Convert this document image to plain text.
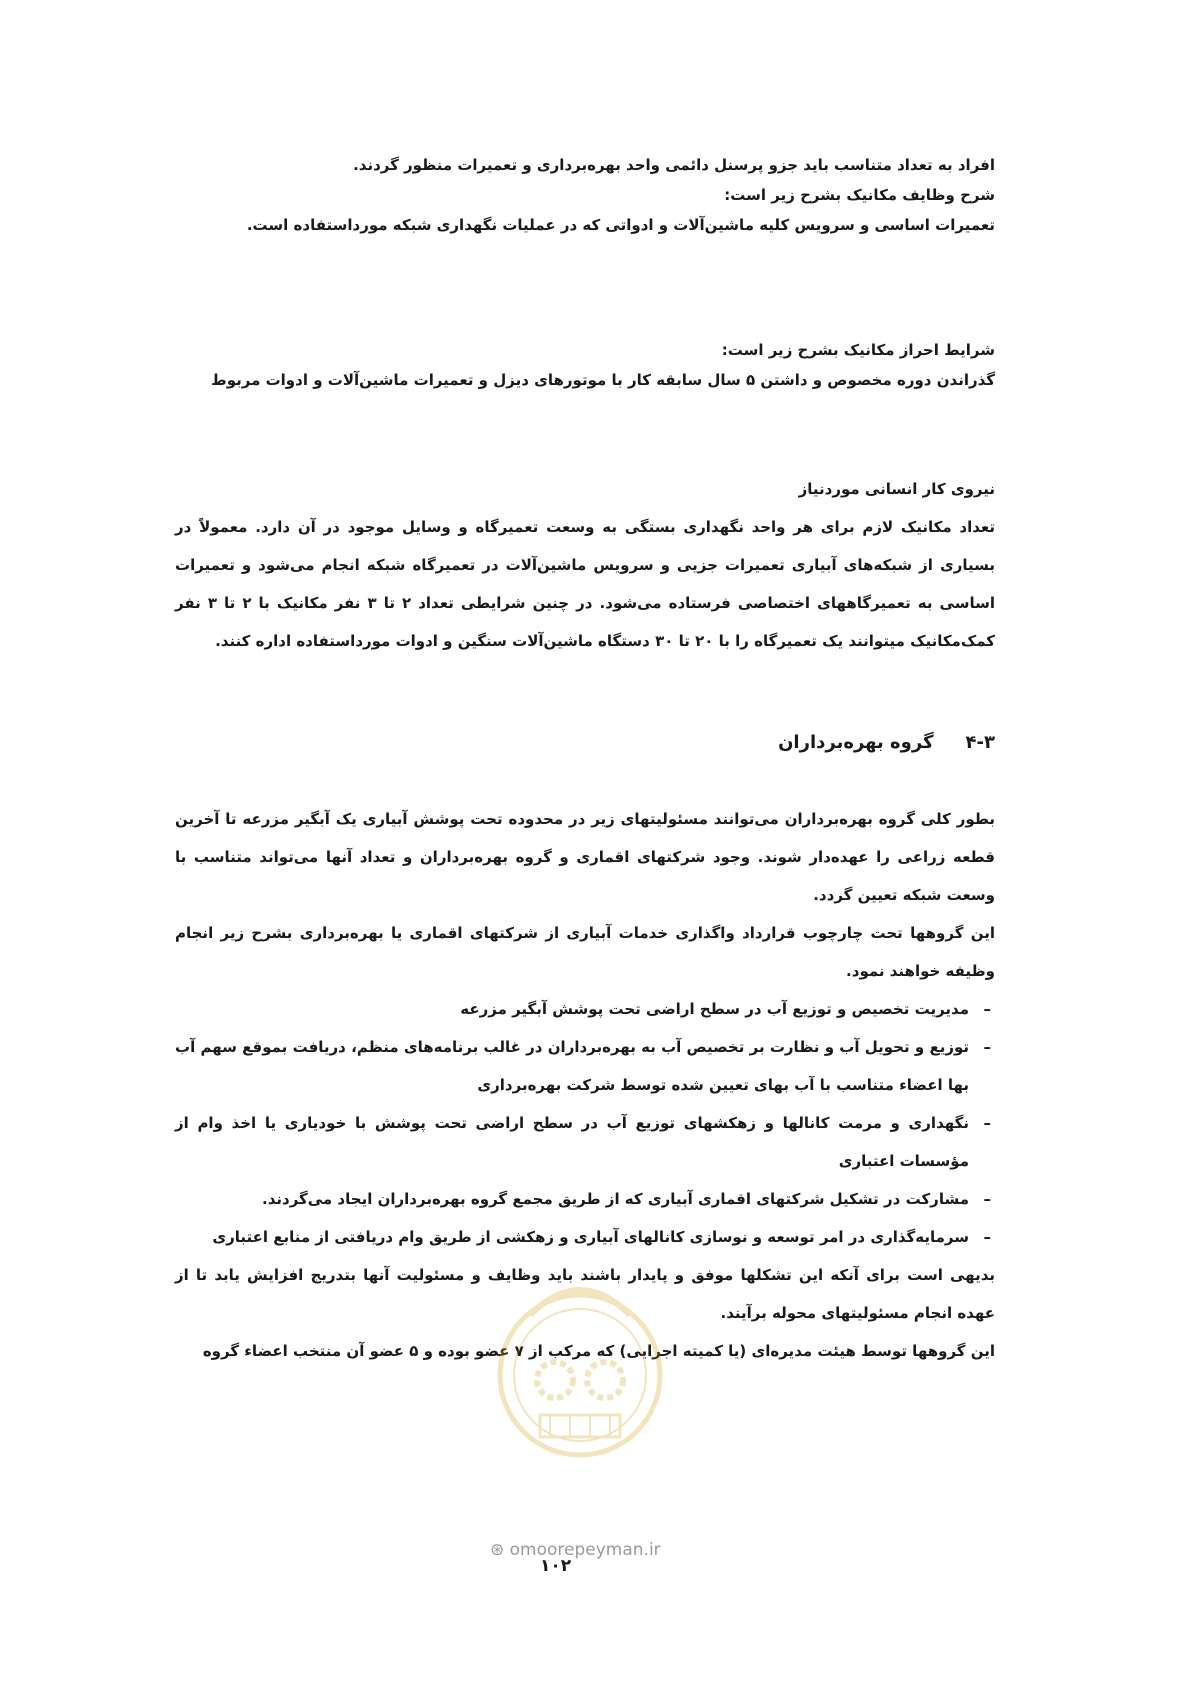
افراد به تعداد متناسب باید جزو پرسنل دائمی واحد بهره‌برداری و تعمیرات منظور گردند.

شرح وظایف مکانیک بشرح زیر است:

تعمیرات اساسی و سرویس کلیه ماشین‌آلات و ادواتی که در عملیات نگهداری شبکه مورداستفاده است.

شرایط احراز مکانیک بشرح زیر است:

گذراندن دوره مخصوص و داشتن ۵ سال سابقه کار با موتورهای دیزل و تعمیرات ماشین‌آلات و ادوات مربوط

نیروی کار انسانی موردنیاز

تعداد مکانیک لازم برای هر واحد نگهداری بستگی به وسعت تعمیرگاه و وسایل موجود در آن دارد. معمولاً در بسیاری از شبکه‌های آبیاری تعمیرات جزیی و سرویس ماشین‌آلات در تعمیرگاه شبکه انجام می‌شود و تعمیرات اساسی به تعمیرگاههای اختصاصی فرستاده می‌شود. در چنین شرایطی تعداد ۲ تا ۳ نفر مکانیک با ۲ تا ۳ نفر کمک‌مکانیک میتوانند یک تعمیرگاه را با ۲۰ تا ۳۰ دستگاه ماشین‌آلات سنگین و ادوات مورداستفاده اداره کنند.

۴-۳
گروه بهره‌برداران

بطور کلی گروه بهره‌برداران می‌توانند مسئولیتهای زیر در محدوده تحت پوشش آبیاری یک آبگیر مزرعه تا آخرین قطعه زراعی را عهده‌دار شوند. وجود شرکتهای اقماری و گروه بهره‌برداران و تعداد آنها می‌تواند متناسب با وسعت شبکه تعیین گردد.

این گروهها تحت چارچوب قرارداد واگذاری خدمات آبیاری از شرکتهای اقماری یا بهره‌برداری بشرح زیر انجام وظیفه خواهند نمود.

–
مدیریت تخصیص و توزیع آب در سطح اراضی تحت پوشش آبگیر مزرعه
–
توزیع و تحویل آب و نظارت بر تخصیص آب به بهره‌برداران در غالب برنامه‌های منظم، دریافت بموقع سهم آب بها اعضاء متناسب با آب بهای تعیین شده توسط شرکت بهره‌برداری
–
نگهداری و مرمت کانالها و زهکشهای توزیع آب در سطح اراضی تحت پوشش با خودیاری یا اخذ وام از مؤسسات اعتباری
–
مشارکت در تشکیل شرکتهای اقماری آبیاری که از طریق مجمع گروه بهره‌برداران ایجاد می‌گردند.
–
سرمایه‌گذاری در امر توسعه و نوسازی کانالهای آبیاری و زهکشی از طریق وام دریافتی از منابع اعتباری

بدیهی است برای آنکه این تشکلها موفق و پایدار باشند باید وظایف و مسئولیت آنها بتدریج افزایش یابد تا از عهده انجام مسئولیتهای محوله برآیند.

این گروهها توسط هیئت مدیره‌ای (یا کمیته اجرایی) که مرکب از ۷ عضو بوده و ۵ عضو آن منتخب اعضاء گروه

⊛ omoorepeyman.ir
۱۰۲
